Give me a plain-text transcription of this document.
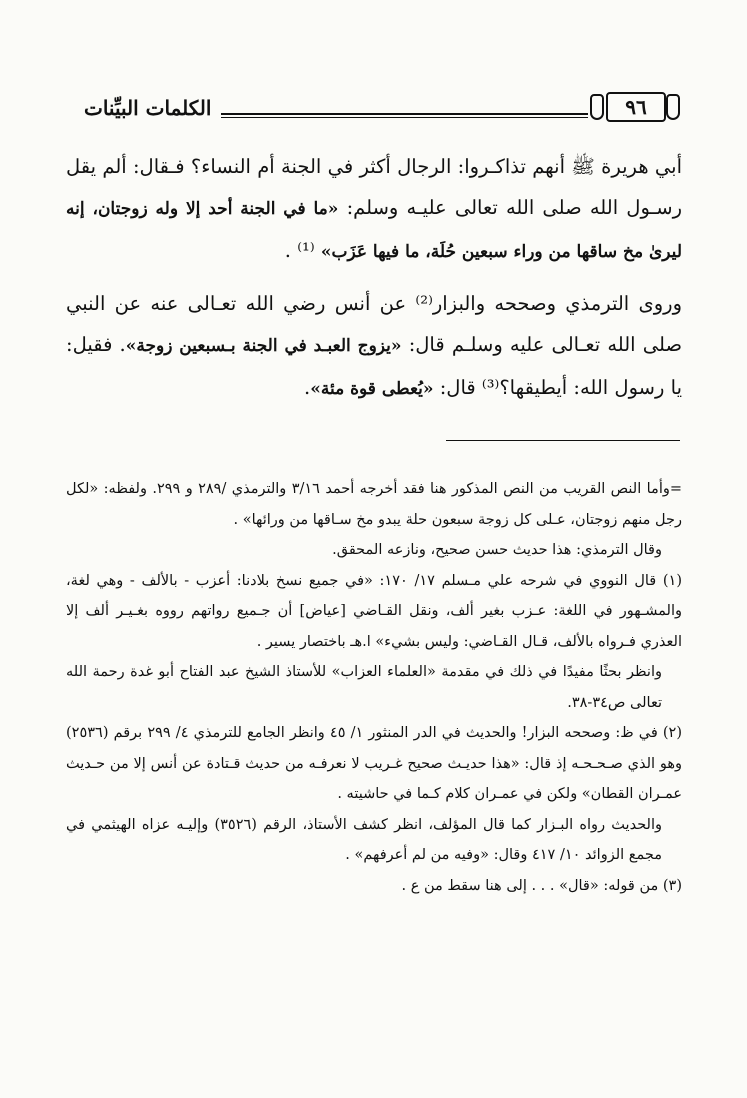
الكلمات البيِّنات	٩٦

أبي هريرة ﷺ أنهم تذاكـروا: الرجال أكثر في الجنة أم النساء؟ فـقال: ألم يقل رسـول الله صلى الله تعالى عليـه وسلم: «ما في الجنة أحد إلا وله زوجتان، إنه ليرىٰ مخ ساقها من وراء سبعين حُلَة، ما فيها عَزَب» ⁽¹⁾ .

وروى الترمذي وصححه والبزار⁽²⁾ عن أنس رضي الله تعـالى عنه عن النبي صلى الله تعـالى عليه وسلـم قال: «يزوج العبـد في الجنة بـسبعين زوجة». فقيل: يا رسول الله: أيطيقها؟⁽³⁾ قال: «يُعطى قوة مئة».

=وأما النص القريب من النص المذكور هنا فقد أخرجه أحمد ٣/١٦ والترمذي /٢٨٩ و ٢٩٩. ولفظه: «لكل رجل منهم زوجتان، عـلى كل زوجة سبعون حلة يبدو مخ سـاقها من ورائها» .

وقال الترمذي: هذا حديث حسن صحيح، ونازعه المحقق.

(١) قال النووي في شرحه علي مـسلم ١٧/ ١٧٠: «في جميع نسخ بلادنا: أعزب - بالألف - وهي لغة، والمشـهور في اللغة: عـزب بغير ألف، ونقل القـاضي [عياض] أن جـميع رواتهم رووه بغـيـر ألف إلا العذري فـرواه بالألف، قـال القـاضي: وليس بشيء» ا.هـ باختصار يسير .

وانظر بحثًا مفيدًا في ذلك في مقدمة «العلماء العزاب» للأستاذ الشيخ عبد الفتاح أبو غدة رحمة الله تعالى ص٣٤-٣٨.

(٢) في ظ: وصححه البزار! والحديث في الدر المنثور ١/ ٤٥ وانظر الجامع للترمذي ٤/ ٢٩٩ برقم (٢٥٣٦) وهو الذي صـحـحـه إذ قال: «هذا حديـث صحيح غـريب لا نعرفـه من حديث قـتادة عن أنس إلا من حـديث عمـران القطان» ولكن في عمـران كلام كـما في حاشيته .

والحديث رواه البـزار كما قال المؤلف، انظر كشف الأستاذ، الرقم (٣٥٢٦) وإليـه عزاه الهيثمي في مجمع الزوائد ١٠/ ٤١٧ وقال: «وفيه من لم أعرفهم» .

(٣) من قوله: «قال» . . . إلى هنا سقط من ع .
